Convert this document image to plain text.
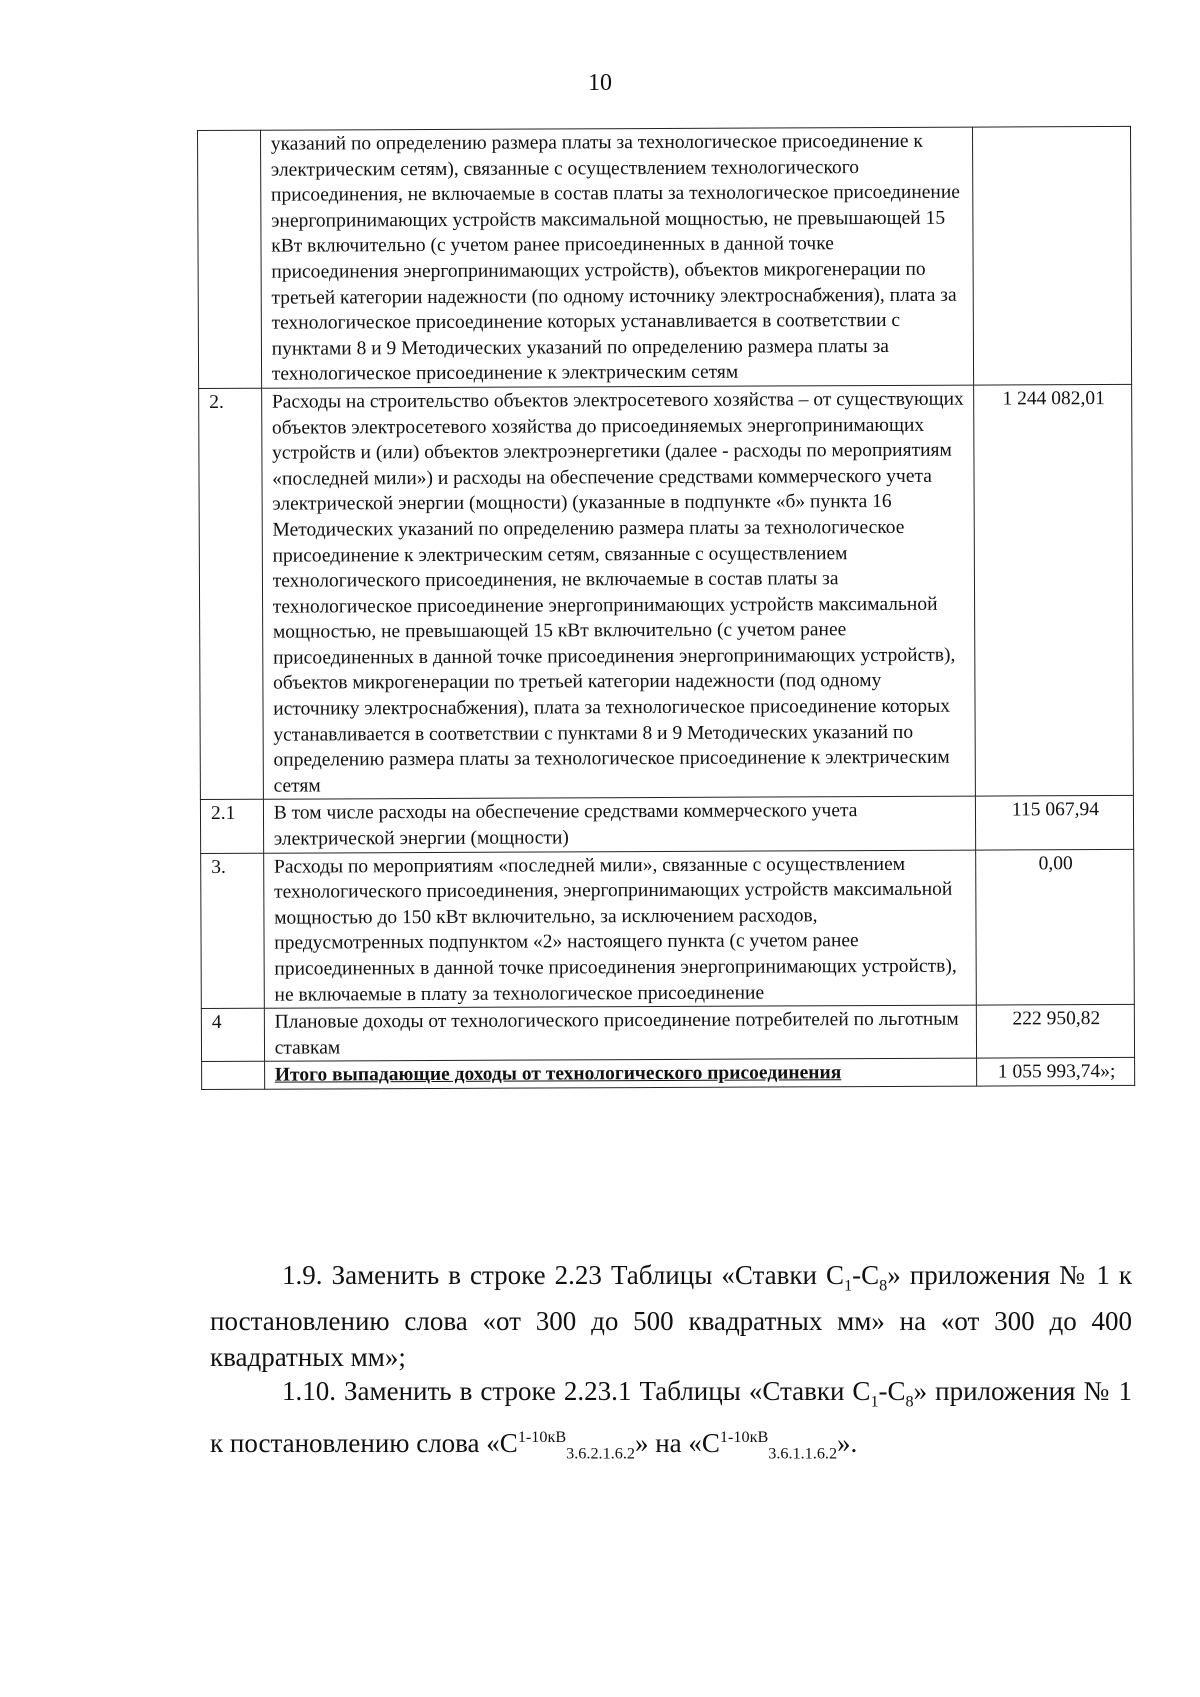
10
	указаний по определению размера платы за технологическое присоединение к электрическим сетям), связанные с осуществлением технологического присоединения, не включаемые в состав платы за технологическое присоединение энергопринимающих устройств максимальной мощностью, не превышающей 15 кВт включительно (с учетом ранее присоединенных в данной точке присоединения энергопринимающих устройств), объектов микрогенерации по третьей категории надежности (по одному источнику электроснабжения), плата за технологическое присоединение которых устанавливается в соответствии с пунктами 8 и 9 Методических указаний по определению размера платы за технологическое присоединение к электрическим сетям	
2.	Расходы на строительство объектов электросетевого хозяйства – от существующих объектов электросетевого хозяйства до присоединяемых энергопринимающих устройств и (или) объектов электроэнергетики (далее - расходы по мероприятиям «последней мили») и расходы на обеспечение средствами коммерческого учета электрической энергии (мощности) (указанные в подпункте «б» пункта 16 Методических указаний по определению размера платы за технологическое присоединение к электрическим сетям, связанные с осуществлением технологического присоединения, не включаемые в состав платы за технологическое присоединение энергопринимающих устройств максимальной мощностью, не превышающей 15 кВт включительно (с учетом ранее присоединенных в данной точке присоединения энергопринимающих устройств), объектов микрогенерации по третьей категории надежности (под одному источнику электроснабжения), плата за технологическое присоединение которых устанавливается в соответствии с пунктами 8 и 9 Методических указаний по определению размера платы за технологическое присоединение к электрическим сетям	1 244 082,01
2.1	В том числе расходы на обеспечение средствами коммерческого учета электрической энергии (мощности)	115 067,94
3.	Расходы по мероприятиям «последней мили», связанные с осуществлением технологического присоединения, энергопринимающих устройств максимальной мощностью до 150 кВт включительно, за исключением расходов, предусмотренных подпунктом «2» настоящего пункта (с учетом ранее присоединенных в данной точке присоединения энергопринимающих устройств), не включаемые в плату за технологическое присоединение	0,00
4	Плановые доходы от технологического присоединение потребителей по льготным ставкам	222 950,82
	Итого выпадающие доходы от технологического присоединения	1 055 993,74»;
1.9. Заменить в строке 2.23 Таблицы «Ставки $C_1-C_8$» приложения № 1 к постановлению слова «от 300 до 500 квадратных мм» на «от 300 до 400 квадратных мм»;
1.10. Заменить в строке 2.23.1 Таблицы «Ставки $C_1-C_8$» приложения № 1 к постановлению слова «$C^{1-10кВ}_{3.6.2.1.6.2}$» на «$C^{1-10кВ}_{3.6.1.1.6.2}$».
